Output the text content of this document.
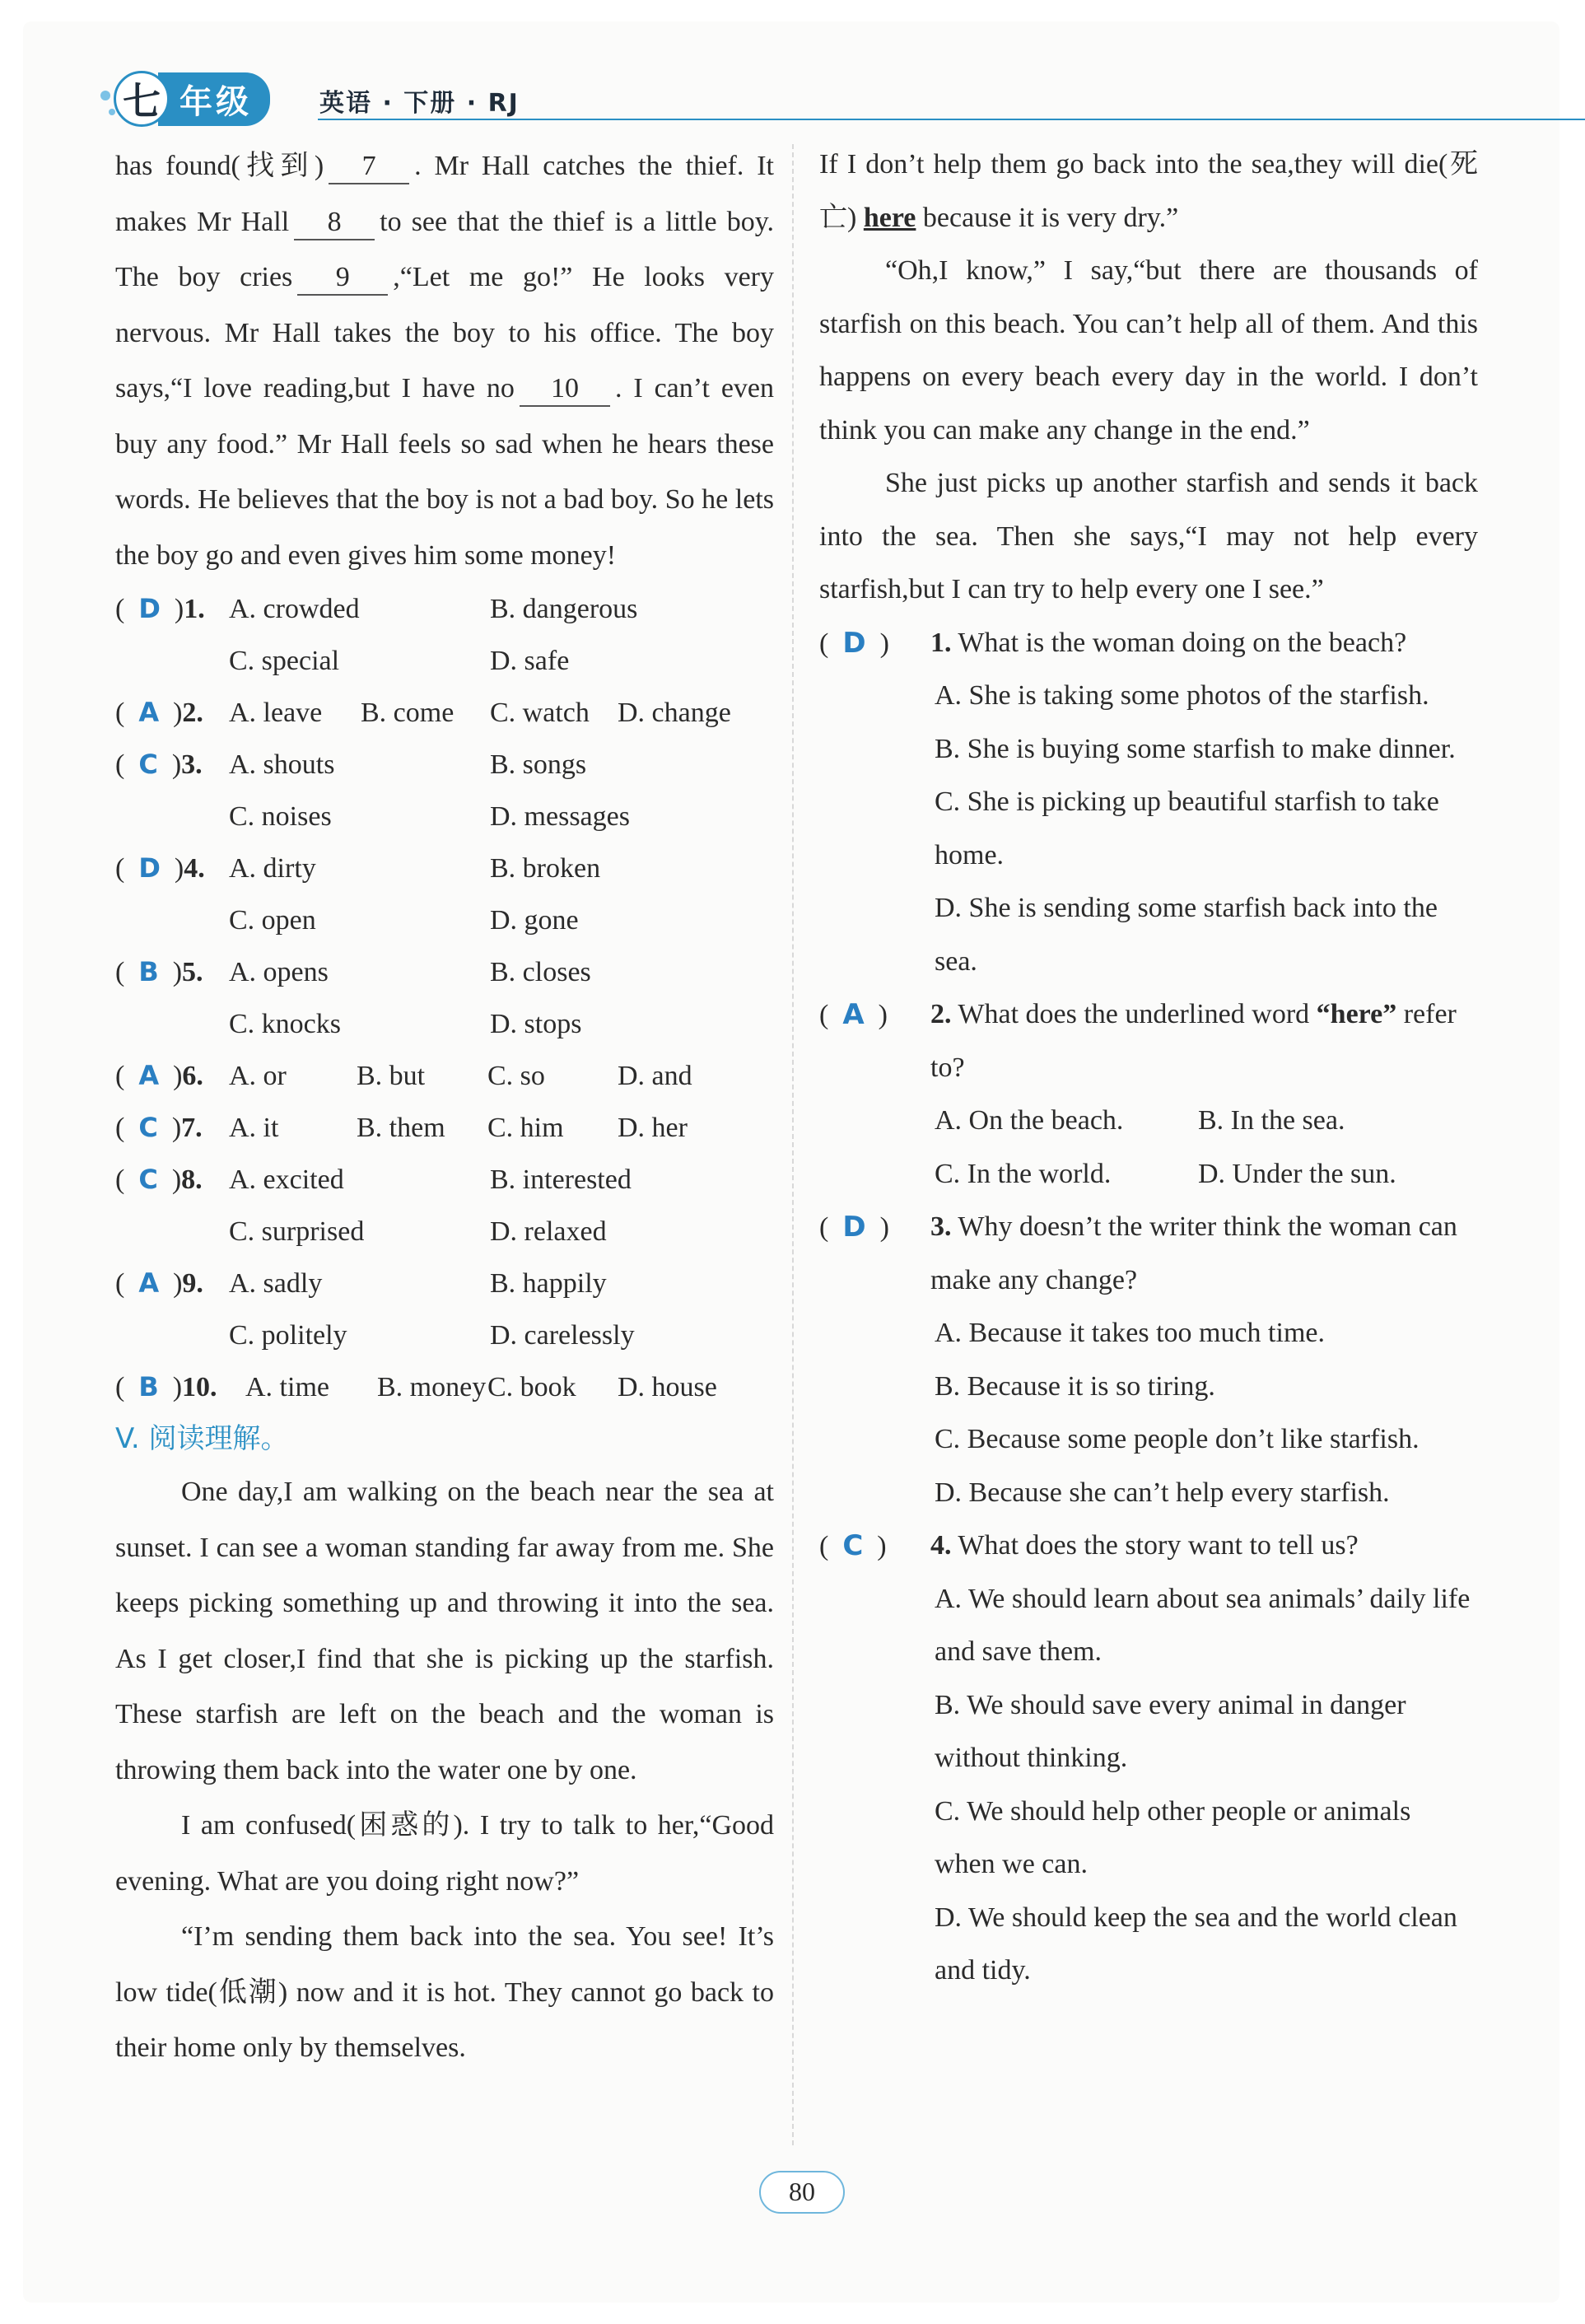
七 年级	英语 · 下册 · RJ

has found(找到) 7 . Mr Hall catches the thief. It makes Mr Hall 8 to see that the thief is a little boy. The boy cries 9 ,“Let me go!” He looks very nervous. Mr Hall takes the boy to his office. The boy says,“I love reading,but I have no 10 . I can’t even buy any food.” Mr Hall feels so sad when he hears these words. He believes that the boy is not a bad boy. So he lets the boy go and even gives him some money!

(  D  )1. A. crowded	B. dangerous
C. special	D. safe
(  A  )2. A. leave B. come C. watch D. change
(  C  )3. A. shouts	B. songs
C. noises	D. messages
(  D  )4. A. dirty	B. broken
C. open	D. gone
(  B  )5. A. opens	B. closes
C. knocks	D. stops
(  A  )6. A. or	B. but C. so	D. and
(  C  )7. A. it	B. them C. him D. her
(  C  )8. A. excited	B. interested
C. surprised	D. relaxed
(  A  )9. A. sadly	B. happily
C. politely	D. carelessly
(  B  )10. A. time B. money C. book D. house
V. 阅读理解。

One day,I am walking on the beach near the sea at sunset. I can see a woman standing far away from me. She keeps picking something up and throwing it into the sea. As I get closer,I find that she is picking up the starfish. These starfish are left on the beach and the woman is throwing them back into the water one by one.

I am confused(困惑的). I try to talk to her,“Good evening. What are you doing right now?”

“I’m sending them back into the sea. You see! It’s low tide(低潮) now and it is hot. They cannot go back to their home only by themselves.

If I don’t help them go back into the sea,they will die(死亡) here because it is very dry.”

“Oh,I know,” I say,“but there are thousands of starfish on this beach. You can’t help all of them. And this happens on every beach every day in the world. I don’t think you can make any change in the end.”

She just picks up another starfish and sends it back into the sea. Then she says,“I may not help every starfish,but I can try to help every one I see.”

(  D  ) 1. What is the woman doing on the beach?
A. She is taking some photos of the starfish.
B. She is buying some starfish to make dinner.
C. She is picking up beautiful starfish to take home.
D. She is sending some starfish back into the sea.
(  A  ) 2. What does the underlined word “here” refer to?
A. On the beach.	B. In the sea.
C. In the world.	D. Under the sun.
(  D  ) 3. Why doesn’t the writer think the woman can make any change?
A. Because it takes too much time.
B. Because it is so tiring.
C. Because some people don’t like starfish.
D. Because she can’t help every starfish.
(  C  ) 4. What does the story want to tell us?
A. We should learn about sea animals’ daily life and save them.
B. We should save every animal in danger without thinking.
C. We should help other people or animals when we can.
D. We should keep the sea and the world clean and tidy.
80
